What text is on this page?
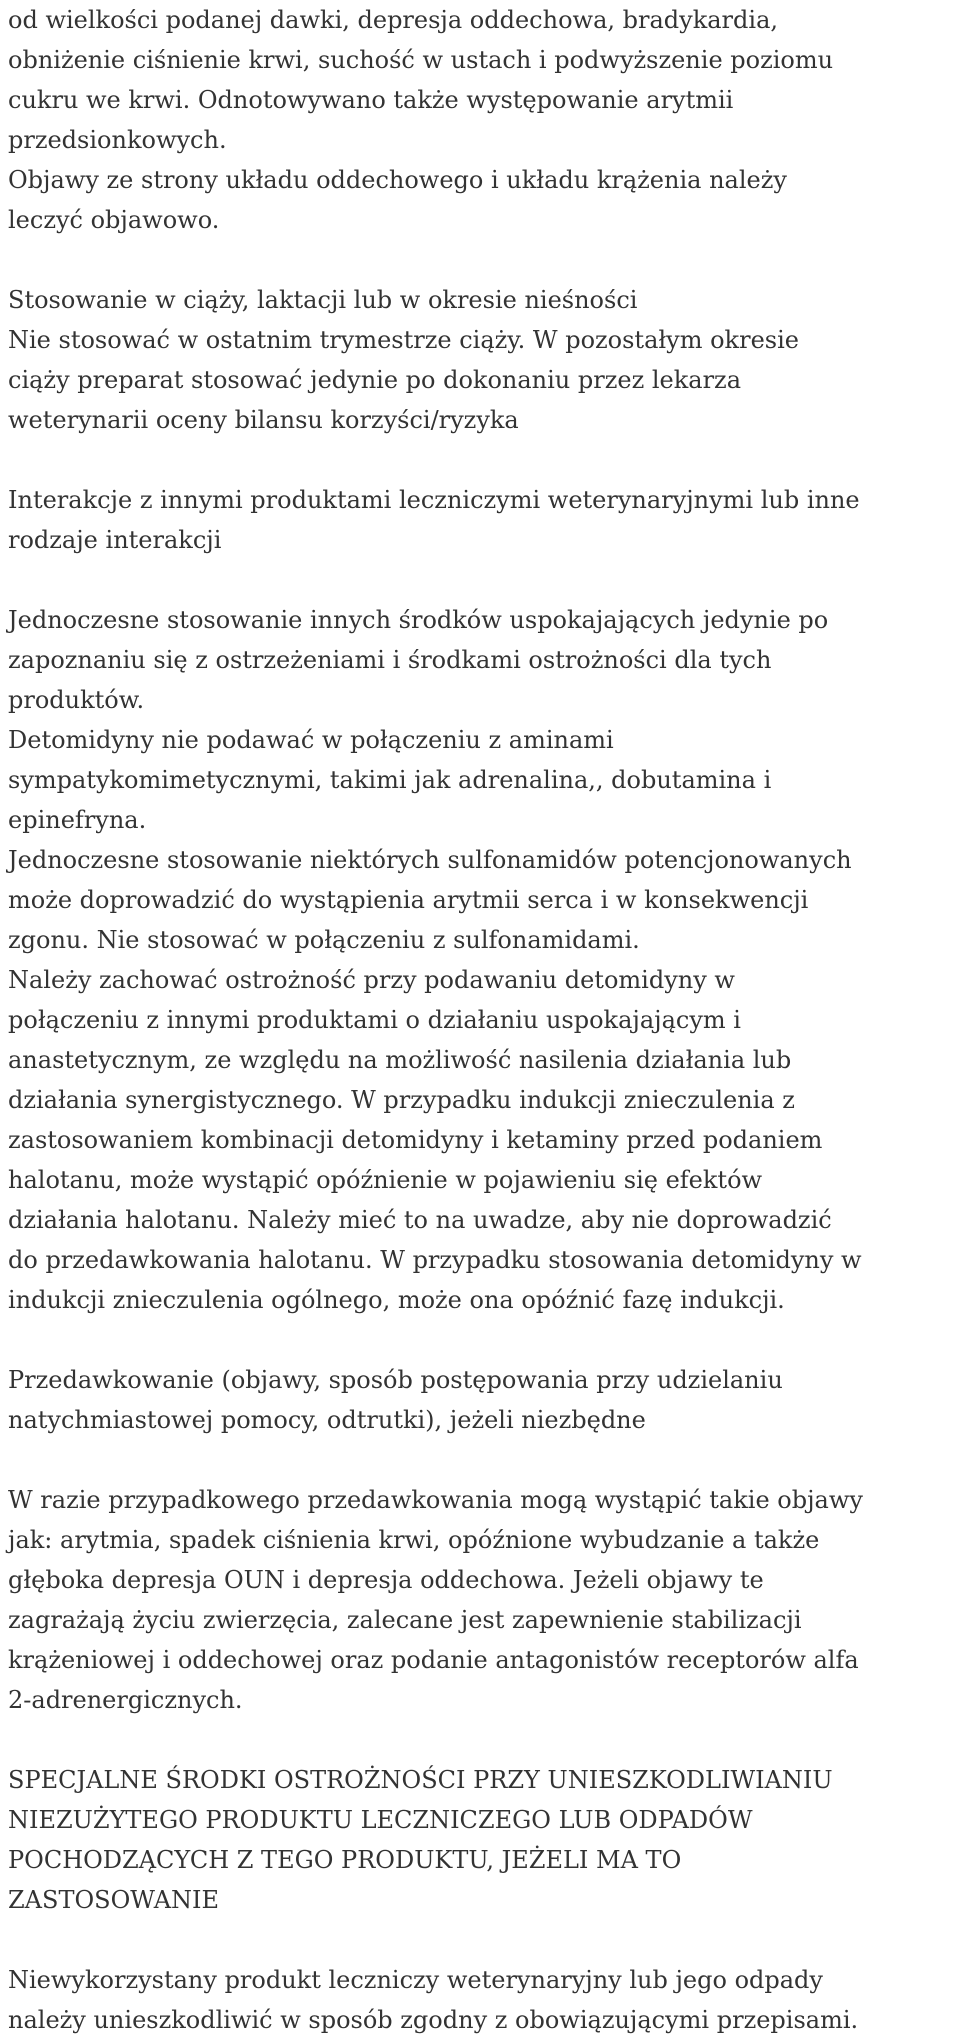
od wielkości podanej dawki, depresja oddechowa, bradykardia,
obniżenie ciśnienie krwi, suchość w ustach i podwyższenie poziomu
cukru we krwi. Odnotowywano także występowanie arytmii
przedsionkowych.
Objawy ze strony układu oddechowego i układu krążenia należy
leczyć objawowo.

Stosowanie w ciąży, laktacji lub w okresie nieśności

Nie stosować w ostatnim trymestrze ciąży. W pozostałym okresie
ciąży preparat stosować jedynie po dokonaniu przez lekarza
weterynarii oceny bilansu korzyści/ryzyka

Interakcje z innymi produktami leczniczymi weterynaryjnymi lub inne
rodzaje interakcji

Jednoczesne stosowanie innych środków uspokajających jedynie po
zapoznaniu się z ostrzeżeniami i środkami ostrożności dla tych
produktów.
Detomidyny nie podawać w połączeniu z aminami
sympatykomimetycznymi, takimi jak adrenalina,, dobutamina i
epinefryna.
Jednoczesne stosowanie niektórych sulfonamidów potencjonowanych
może doprowadzić do wystąpienia arytmii serca i w konsekwencji
zgonu. Nie stosować w połączeniu z sulfonamidami.
Należy zachować ostrożność przy podawaniu detomidyny w
połączeniu z innymi produktami o działaniu uspokajającym i
anastetycznym, ze względu na możliwość nasilenia działania lub
działania synergistycznego. W przypadku indukcji znieczulenia z
zastosowaniem kombinacji detomidyny i ketaminy przed podaniem
halotanu, może wystąpić opóźnienie w pojawieniu się efektów
działania halotanu. Należy mieć to na uwadze, aby nie doprowadzić
do przedawkowania halotanu. W przypadku stosowania detomidyny w
indukcji znieczulenia ogólnego, może ona opóźnić fazę indukcji.

Przedawkowanie (objawy, sposób postępowania przy udzielaniu
natychmiastowej pomocy, odtrutki), jeżeli niezbędne

W razie przypadkowego przedawkowania mogą wystąpić takie objawy
jak: arytmia, spadek ciśnienia krwi, opóźnione wybudzanie a także
głęboka depresja OUN i depresja oddechowa. Jeżeli objawy te
zagrażają życiu zwierzęcia, zalecane jest zapewnienie stabilizacji
krążeniowej i oddechowej oraz podanie antagonistów receptorów alfa
2-adrenergicznych.

SPECJALNE ŚRODKI OSTROŻNOŚCI PRZY UNIESZKODLIWIANIU
NIEZUŻYTEGO PRODUKTU LECZNICZEGO LUB ODPADÓW
POCHODZĄCYCH Z TEGO PRODUKTU, JEŻELI MA TO
ZASTOSOWANIE

Niewykorzystany produkt leczniczy weterynaryjny lub jego odpady
należy unieszkodliwić w sposób zgodny z obowiązującymi przepisami.
